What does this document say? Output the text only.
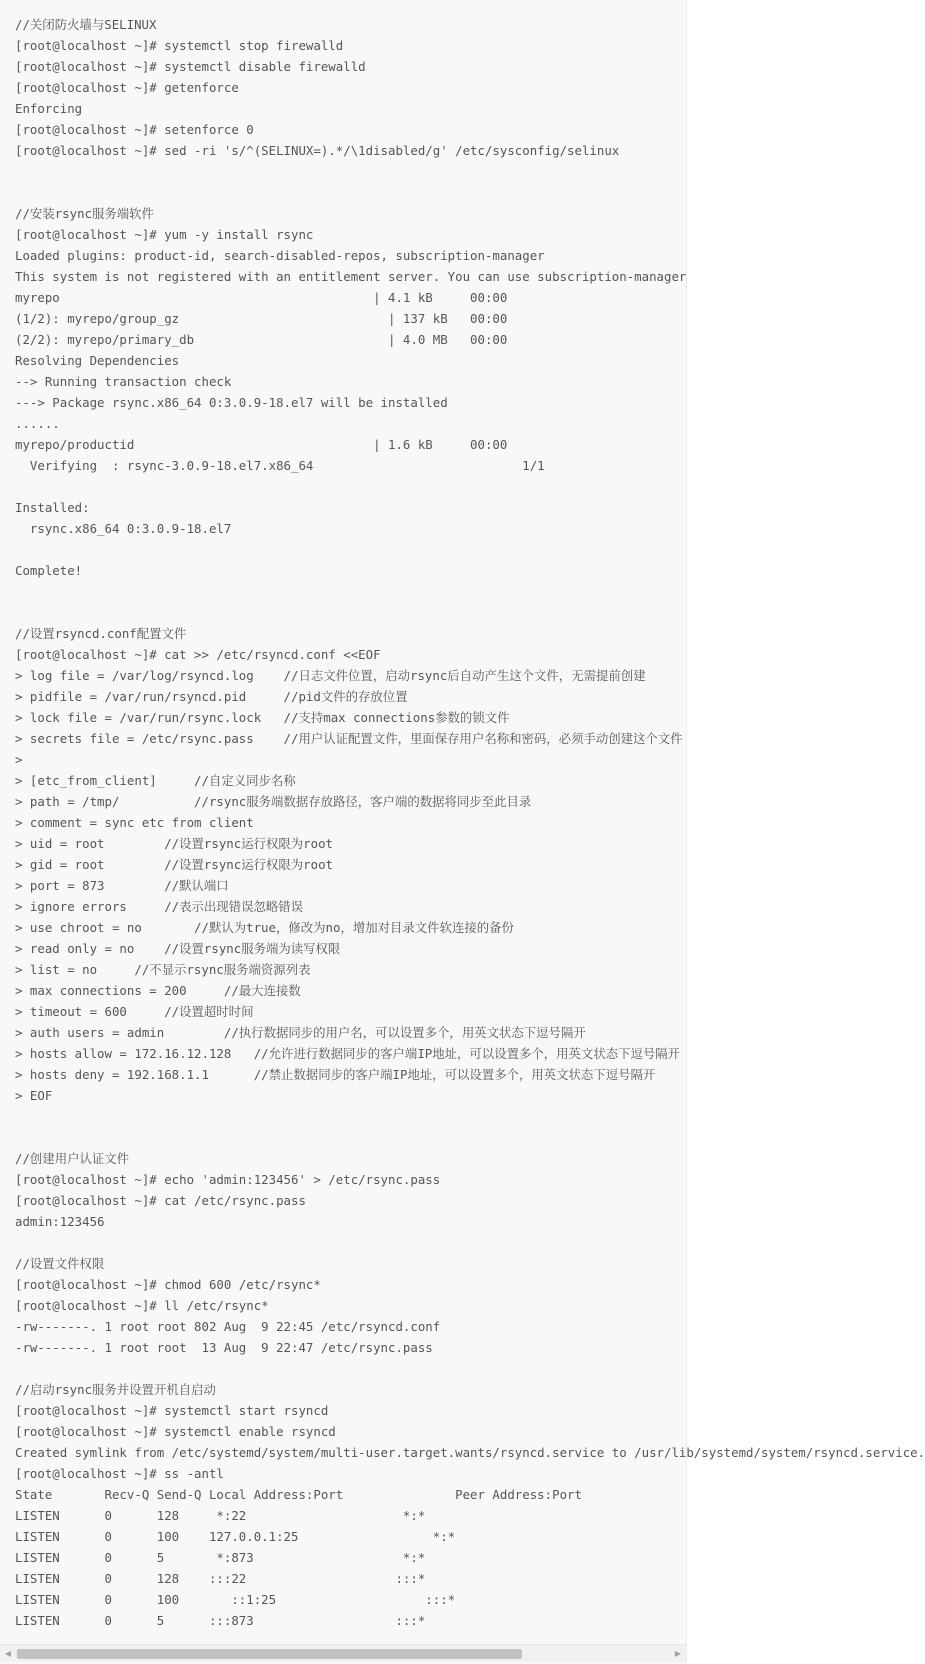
//关闭防火墙与SELINUX
[root@localhost ~]# systemctl stop firewalld
[root@localhost ~]# systemctl disable firewalld
[root@localhost ~]# getenforce
Enforcing
[root@localhost ~]# setenforce 0
[root@localhost ~]# sed -ri 's/^(SELINUX=).*/\1disabled/g' /etc/sysconfig/selinux
//安装rsync服务端软件
[root@localhost ~]# yum -y install rsync
Loaded plugins: product-id, search-disabled-repos, subscription-manager
This system is not registered with an entitlement server. You can use subscription-manager
myrepo                                          | 4.1 kB     00:00
(1/2): myrepo/group_gz                            | 137 kB   00:00
(2/2): myrepo/primary_db                          | 4.0 MB   00:00
Resolving Dependencies
--> Running transaction check
---> Package rsync.x86_64 0:3.0.9-18.el7 will be installed
......
myrepo/productid                                | 1.6 kB     00:00
Verifying  : rsync-3.0.9-18.el7.x86_64                            1/1
Installed:
rsync.x86_64 0:3.0.9-18.el7
Complete!
//设置rsyncd.conf配置文件
[root@localhost ~]# cat >> /etc/rsyncd.conf <<EOF
> log file = /var/log/rsyncd.log    //日志文件位置，启动rsync后自动产生这个文件，无需提前创建
> pidfile = /var/run/rsyncd.pid     //pid文件的存放位置
> lock file = /var/run/rsync.lock   //支持max connections参数的锁文件
> secrets file = /etc/rsync.pass    //用户认证配置文件，里面保存用户名称和密码，必须手动创建这个文件
>
> [etc_from_client]     //自定义同步名称
> path = /tmp/          //rsync服务端数据存放路径，客户端的数据将同步至此目录
> comment = sync etc from client
> uid = root        //设置rsync运行权限为root
> gid = root        //设置rsync运行权限为root
> port = 873        //默认端口
> ignore errors     //表示出现错误忽略错误
> use chroot = no       //默认为true，修改为no，增加对目录文件软连接的备份
> read only = no    //设置rsync服务端为读写权限
> list = no     //不显示rsync服务端资源列表
> max connections = 200     //最大连接数
> timeout = 600     //设置超时时间
> auth users = admin        //执行数据同步的用户名，可以设置多个，用英文状态下逗号隔开
> hosts allow = 172.16.12.128   //允许进行数据同步的客户端IP地址，可以设置多个，用英文状态下逗号隔开
> hosts deny = 192.168.1.1      //禁止数据同步的客户端IP地址，可以设置多个，用英文状态下逗号隔开
> EOF
//创建用户认证文件
[root@localhost ~]# echo 'admin:123456' > /etc/rsync.pass
[root@localhost ~]# cat /etc/rsync.pass
admin:123456
//设置文件权限
[root@localhost ~]# chmod 600 /etc/rsync*
[root@localhost ~]# ll /etc/rsync*
-rw-------. 1 root root 802 Aug  9 22:45 /etc/rsyncd.conf
-rw-------. 1 root root  13 Aug  9 22:47 /etc/rsync.pass
//启动rsync服务并设置开机自启动
[root@localhost ~]# systemctl start rsyncd
[root@localhost ~]# systemctl enable rsyncd
Created symlink from /etc/systemd/system/multi-user.target.wants/rsyncd.service to /usr/lib/systemd/system/rsyncd.service.
[root@localhost ~]# ss -antl
State       Recv-Q Send-Q Local Address:Port               Peer Address:Port
LISTEN      0      128     *:22                     *:*
LISTEN      0      100    127.0.0.1:25                  *:*
LISTEN      0      5       *:873                    *:*
LISTEN      0      128    :::22                    :::*
LISTEN      0      100       ::1:25                    :::*
LISTEN      0      5      :::873                   :::*
◀	▶
